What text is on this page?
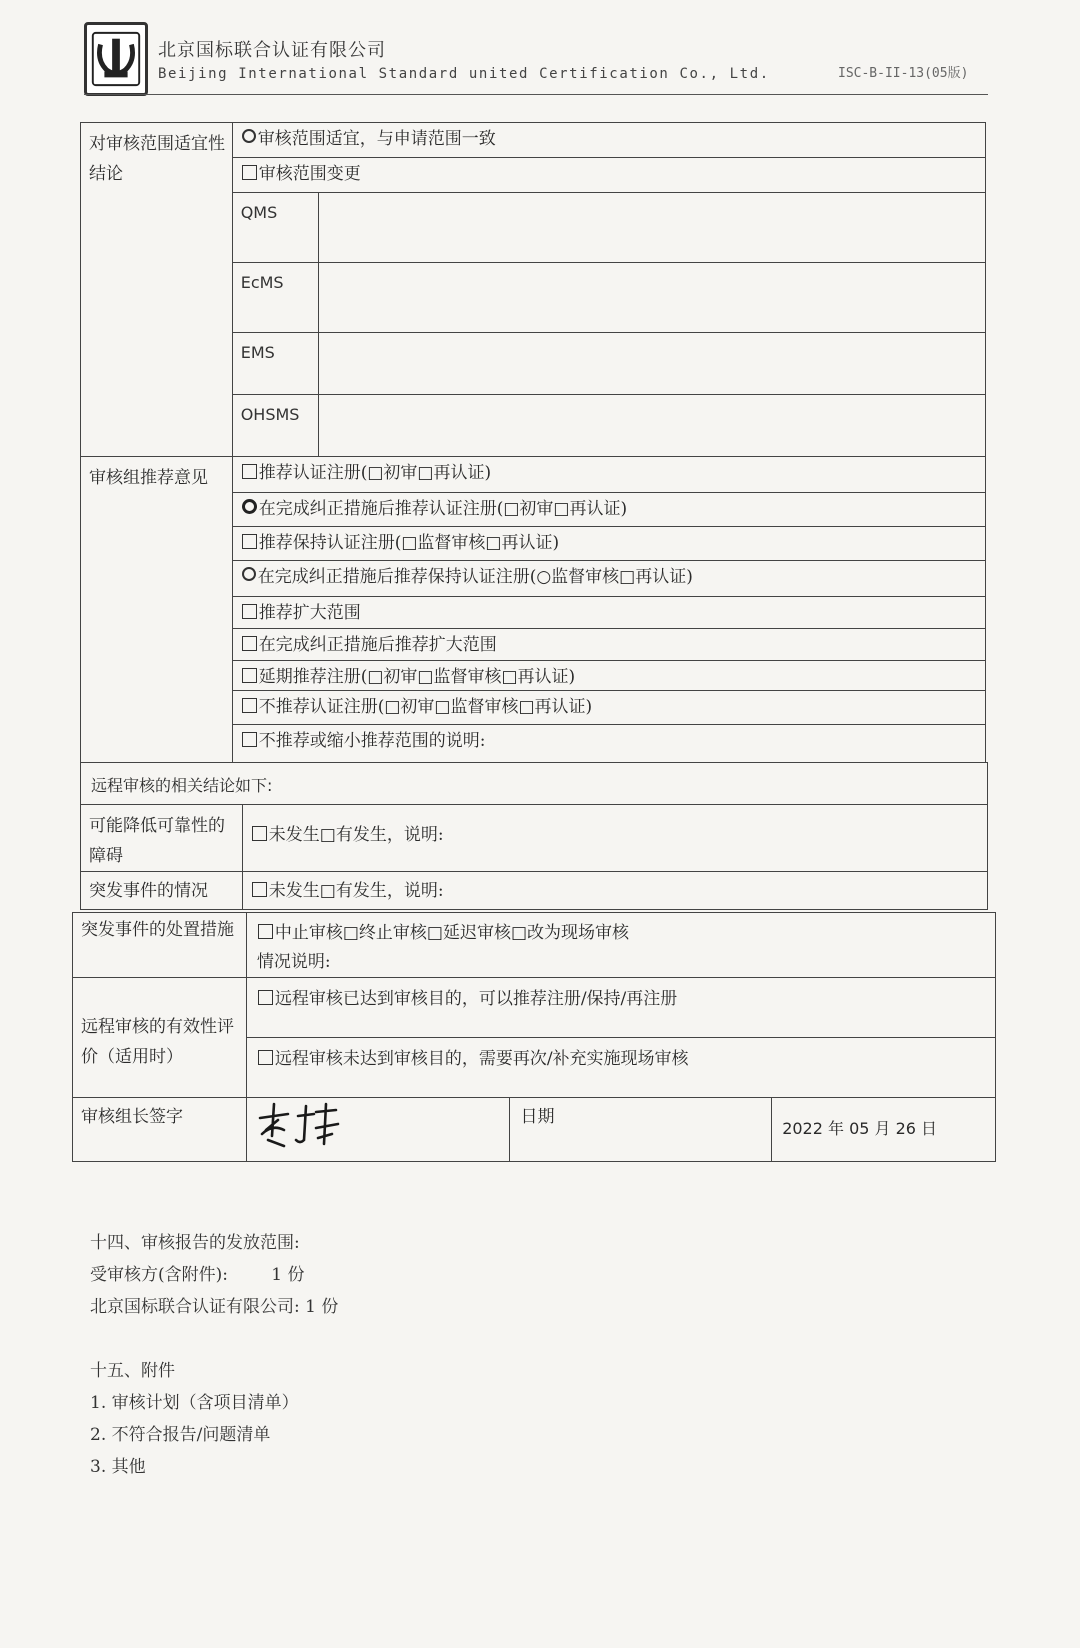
北京国标联合认证有限公司
Beijing International Standard united Certification Co., Ltd.	ISC-B-II-13(05版)
对审核范围适宜性结论	审核范围适宜，与申请范围一致	
	审核范围变更	
	QMS	
	EcMS	
	EMS	
	OHSMS	
审核组推荐意见	推荐认证注册(□初审□再认证)	
	在完成纠正措施后推荐认证注册(□初审□再认证)	
	推荐保持认证注册(□监督审核□再认证)	
	在完成纠正措施后推荐保持认证注册(○监督审核□再认证)	
	推荐扩大范围	
	在完成纠正措施后推荐扩大范围	
	延期推荐注册(□初审□监督审核□再认证)	
	不推荐认证注册(□初审□监督审核□再认证)	
	不推荐或缩小推荐范围的说明:	
远程审核的相关结论如下:	
可能降低可靠性的障碍	未发生□有发生，说明:
突发事件的情况	未发生□有发生，说明:
突发事件的处置措施	中止审核□终止审核□延迟审核□改为现场审核
情况说明:		

远程审核的有效性评价（适用时）	远程审核已达到审核目的，可以推荐注册/保持/再注册		
	远程审核未达到审核目的，需要再次/补充实施现场审核		
审核组长签字		日期	2022 年 05 月 26 日
十四、审核报告的发放范围:
受审核方(含附件):        1 份
北京国标联合认证有限公司: 1 份
十五、附件
1. 审核计划（含项目清单）
2. 不符合报告/问题清单
3. 其他
